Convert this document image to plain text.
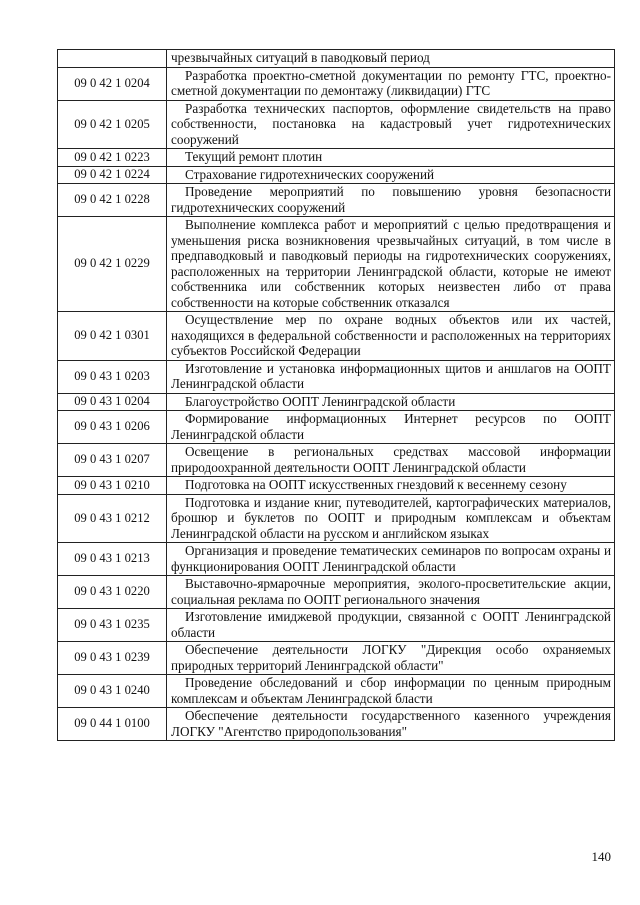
	чрезвычайных ситуаций в паводковый период
09 0 42 1 0204	Разработка проектно-сметной документации по ремонту ГТС, проектно-сметной документации по демонтажу (ликвидации) ГТС
09 0 42 1 0205	Разработка технических паспортов, оформление свидетельств на право собственности, постановка на кадастровый учет гидротехнических сооружений
09 0 42 1 0223	Текущий ремонт плотин
09 0 42 1 0224	Страхование гидротехнических сооружений
09 0 42 1 0228	Проведение мероприятий по повышению уровня безопасности гидротехнических сооружений
09 0 42 1 0229	Выполнение комплекса работ и мероприятий с целью предотвращения и уменьшения риска возникновения чрезвычайных ситуаций, в том числе в предпаводковый и паводковый периоды на гидротехнических сооружениях, расположенных на территории Ленинградской области, которые не имеют собственника или собственник которых неизвестен либо от права собственности на которые собственник отказался
09 0 42 1 0301	Осуществление мер по охране водных объектов или их частей, находящихся в федеральной собственности и расположенных на территориях субъектов Российской Федерации
09 0 43 1 0203	Изготовление и установка информационных щитов и аншлагов на ООПТ Ленинградской области
09 0 43 1 0204	Благоустройство ООПТ Ленинградской области
09 0 43 1 0206	Формирование информационных Интернет ресурсов по ООПТ Ленинградской области
09 0 43 1 0207	Освещение в региональных средствах массовой информации природоохранной деятельности ООПТ Ленинградской области
09 0 43 1 0210	Подготовка на ООПТ искусственных гнездовий к весеннему сезону
09 0 43 1 0212	Подготовка и издание книг, путеводителей, картографических материалов, брошюр и буклетов по ООПТ и природным комплексам и объектам Ленинградской области на русском и английском языках
09 0 43 1 0213	Организация и проведение тематических семинаров по вопросам охраны и функционирования ООПТ Ленинградской области
09 0 43 1 0220	Выставочно-ярмарочные мероприятия, эколого-просветительские акции, социальная реклама по ООПТ регионального значения
09 0 43 1 0235	Изготовление имиджевой продукции, связанной с ООПТ Ленинградской области
09 0 43 1 0239	Обеспечение деятельности ЛОГКУ "Дирекция особо охраняемых природных территорий Ленинградской области"
09 0 43 1 0240	Проведение обследований и сбор информации по ценным природным комплексам и объектам Ленинградской бласти
09 0 44 1 0100	Обеспечение деятельности государственного казенного учреждения ЛОГКУ "Агентство природопользования"
140
